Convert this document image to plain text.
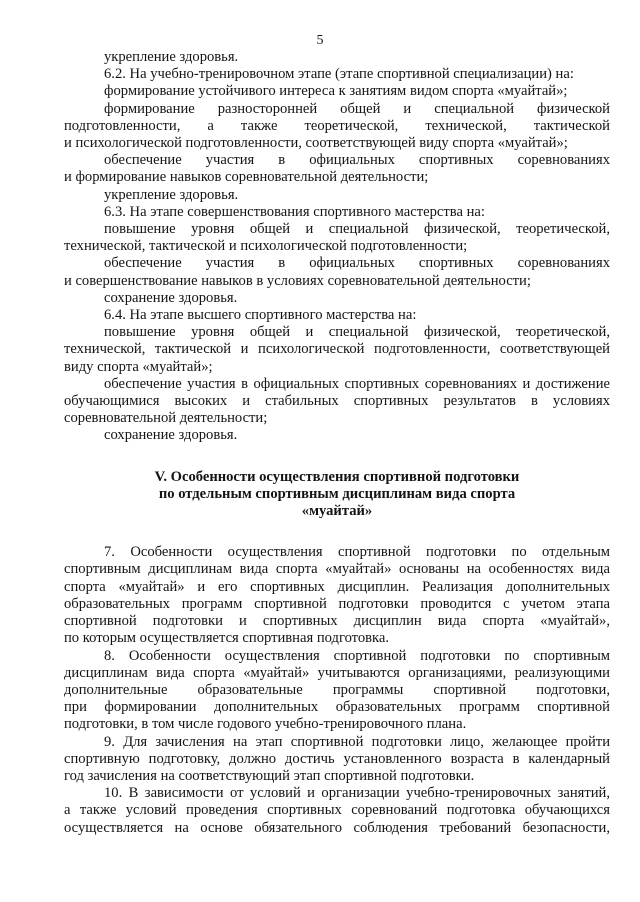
5
укрепление здоровья.
6.2. На учебно-тренировочном этапе (этапе спортивной специализации) на:
формирование устойчивого интереса к занятиям видом спорта «муайтай»;
формирование разносторонней общей и специальной физической
подготовленности, а также теоретической, технической, тактической
и психологической подготовленности, соответствующей виду спорта «муайтай»;
обеспечение участия в официальных спортивных соревнованиях
и формирование навыков соревновательной деятельности;
укрепление здоровья.
6.3. На этапе совершенствования спортивного мастерства на:
повышение уровня общей и специальной физической, теоретической,
технической, тактической и психологической подготовленности;
обеспечение участия в официальных спортивных соревнованиях
и совершенствование навыков в условиях соревновательной деятельности;
сохранение здоровья.
6.4. На этапе высшего спортивного мастерства на:
повышение уровня общей и специальной физической, теоретической,
технической, тактической и психологической подготовленности, соответствующей
виду спорта «муайтай»;
обеспечение участия в официальных спортивных соревнованиях и достижение
обучающимися высоких и стабильных спортивных результатов в условиях
соревновательной деятельности;
сохранение здоровья.
V. Особенности осуществления спортивной подготовки
по отдельным спортивным дисциплинам вида спорта
«муайтай»
7. Особенности осуществления спортивной подготовки по отдельным
спортивным дисциплинам вида спорта «муайтай» основаны на особенностях вида
спорта «муайтай» и его спортивных дисциплин. Реализация дополнительных
образовательных программ спортивной подготовки проводится с учетом этапа
спортивной подготовки и спортивных дисциплин вида спорта «муайтай»,
по которым осуществляется спортивная подготовка.
8. Особенности осуществления спортивной подготовки по спортивным
дисциплинам вида спорта «муайтай» учитываются организациями, реализующими
дополнительные образовательные программы спортивной подготовки,
при формировании дополнительных образовательных программ спортивной
подготовки, в том числе годового учебно-тренировочного плана.
9. Для зачисления на этап спортивной подготовки лицо, желающее пройти
спортивную подготовку, должно достичь установленного возраста в календарный
год зачисления на соответствующий этап спортивной подготовки.
10. В зависимости от условий и организации учебно-тренировочных занятий,
а также условий проведения спортивных соревнований подготовка обучающихся
осуществляется на основе обязательного соблюдения требований безопасности,
